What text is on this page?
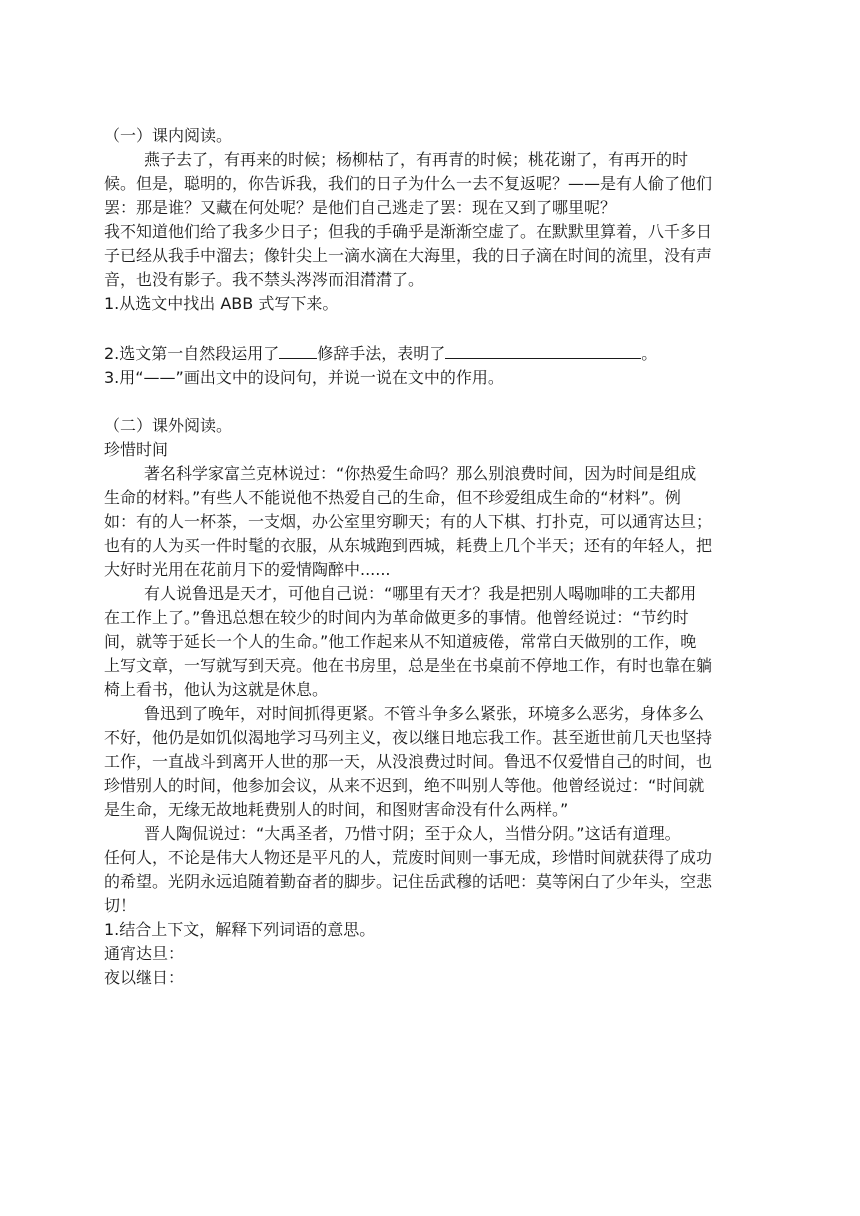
（一）课内阅读。
燕子去了，有再来的时候；杨柳枯了，有再青的时候；桃花谢了，有再开的时
候。但是，聪明的，你告诉我，我们的日子为什么一去不复返呢？——是有人偷了他们
罢：那是谁？又藏在何处呢？是他们自己逃走了罢：现在又到了哪里呢？
我不知道他们给了我多少日子；但我的手确乎是渐渐空虚了。在默默里算着，八千多日
子已经从我手中溜去；像针尖上一滴水滴在大海里，我的日子滴在时间的流里，没有声
音，也没有影子。我不禁头涔涔而泪潸潸了。
1.从选文中找出 ABB 式写下来。
2.选文第一自然段运用了 修辞手法，表明了	。
3.用“——”画出文中的设问句，并说一说在文中的作用。
（二）课外阅读。
珍惜时间
著名科学家富兰克林说过：“你热爱生命吗？那么别浪费时间，因为时间是组成
生命的材料。”有些人不能说他不热爱自己的生命，但不珍爱组成生命的“材料”。例
如：有的人一杯茶，一支烟，办公室里穷聊天；有的人下棋、打扑克，可以通宵达旦；
也有的人为买一件时髦的衣服，从东城跑到西城，耗费上几个半天；还有的年轻人，把
大好时光用在花前月下的爱情陶醉中......
有人说鲁迅是天才，可他自己说：“哪里有天才？我是把别人喝咖啡的工夫都用
在工作上了。”鲁迅总想在较少的时间内为革命做更多的事情。他曾经说过：“节约时
间，就等于延长一个人的生命。”他工作起来从不知道疲倦，常常白天做别的工作，晚
上写文章，一写就写到天亮。他在书房里，总是坐在书桌前不停地工作，有时也靠在躺
椅上看书，他认为这就是休息。
鲁迅到了晚年，对时间抓得更紧。不管斗争多么紧张，环境多么恶劣，身体多么
不好，他仍是如饥似渴地学习马列主义，夜以继日地忘我工作。甚至逝世前几天也坚持
工作，一直战斗到离开人世的那一天，从没浪费过时间。鲁迅不仅爱惜自己的时间，也
珍惜别人的时间，他参加会议，从来不迟到，绝不叫别人等他。他曾经说过：“时间就
是生命，无缘无故地耗费别人的时间，和图财害命没有什么两样。”
晋人陶侃说过：“大禹圣者，乃惜寸阴；至于众人，当惜分阴。”这话有道理。
任何人，不论是伟大人物还是平凡的人，荒废时间则一事无成，珍惜时间就获得了成功
的希望。光阴永远追随着勤奋者的脚步。记住岳武穆的话吧：莫等闲白了少年头，空悲
切！
1.结合上下文，解释下列词语的意思。
通宵达旦：
夜以继日：
